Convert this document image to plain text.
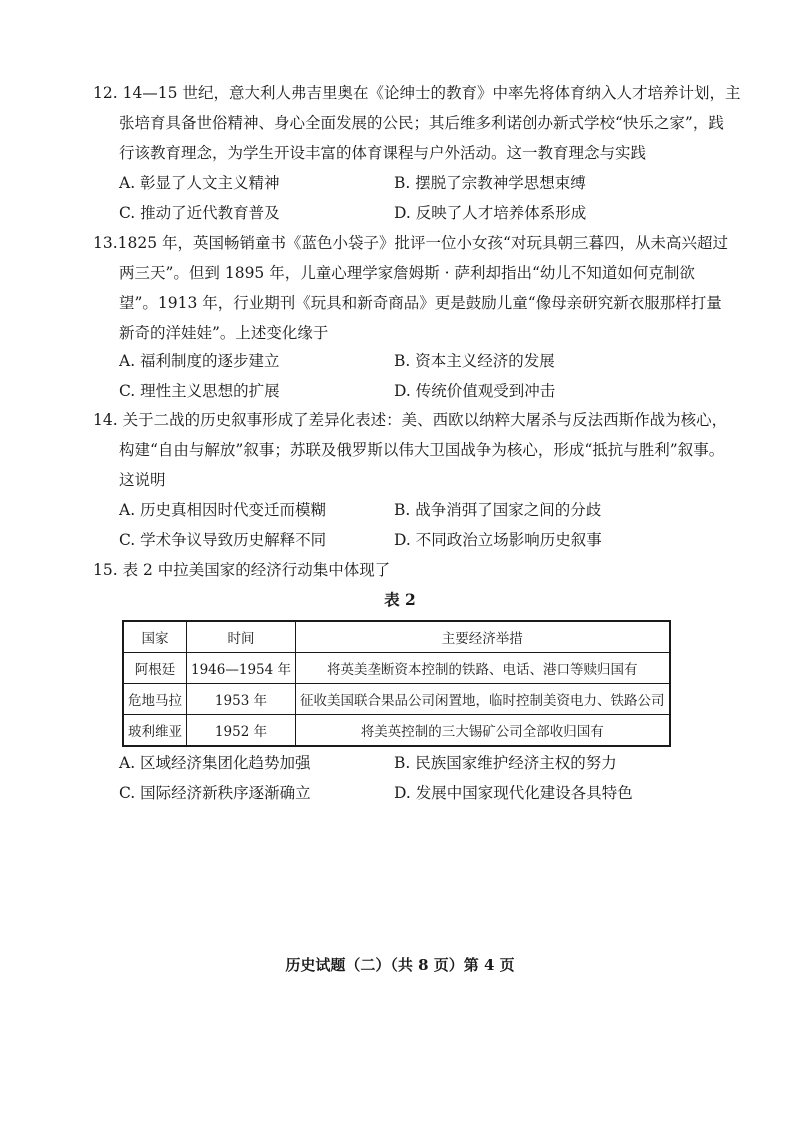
12. 14—15 世纪，意大利人弗吉里奥在《论绅士的教育》中率先将体育纳入人才培养计划，主
张培育具备世俗精神、身心全面发展的公民；其后维多利诺创办新式学校“快乐之家”，践
行该教育理念，为学生开设丰富的体育课程与户外活动。这一教育理念与实践
A. 彰显了人文主义精神	B. 摆脱了宗教神学思想束缚
C. 推动了近代教育普及	D. 反映了人才培养体系形成
13.1825 年，英国畅销童书《蓝色小袋子》批评一位小女孩“对玩具朝三暮四，从未高兴超过
两三天”。但到 1895 年，儿童心理学家詹姆斯 · 萨利却指出“幼儿不知道如何克制欲
望”。1913 年，行业期刊《玩具和新奇商品》更是鼓励儿童“像母亲研究新衣服那样打量
新奇的洋娃娃”。上述变化缘于
A. 福利制度的逐步建立	B. 资本主义经济的发展
C. 理性主义思想的扩展	D. 传统价值观受到冲击
14. 关于二战的历史叙事形成了差异化表述：美、西欧以纳粹大屠杀与反法西斯作战为核心，
构建“自由与解放”叙事；苏联及俄罗斯以伟大卫国战争为核心，形成“抵抗与胜利”叙事。
这说明
A. 历史真相因时代变迁而模糊	B. 战争消弭了国家之间的分歧
C. 学术争议导致历史解释不同	D. 不同政治立场影响历史叙事
15. 表 2 中拉美国家的经济行动集中体现了
表 2
国家	时间	主要经济举措
阿根廷	1946—1954 年	将英美垄断资本控制的铁路、电话、港口等赎归国有
危地马拉	1953 年	征收美国联合果品公司闲置地，临时控制美资电力、铁路公司
玻利维亚	1952 年	将美英控制的三大锡矿公司全部收归国有
A. 区域经济集团化趋势加强	B. 民族国家维护经济主权的努力
C. 国际经济新秩序逐渐确立	D. 发展中国家现代化建设各具特色
历史试题（二）（共 8 页）第 4 页
